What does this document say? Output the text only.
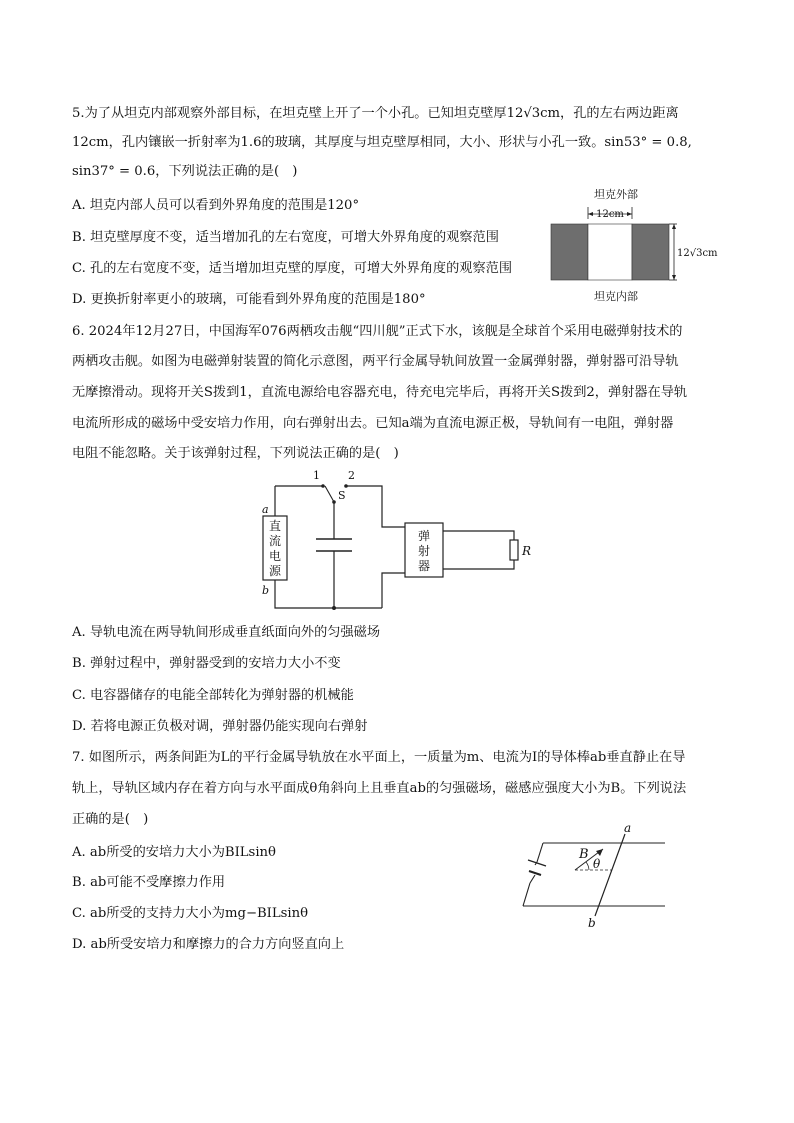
5.为了从坦克内部观察外部目标，在坦克壁上开了一个小孔。已知坦克壁厚12√3cm，孔的左右两边距离
12cm，孔内镶嵌一折射率为1.6的玻璃，其厚度与坦克壁厚相同，大小、形状与小孔一致。sin53° = 0.8,
sin37° = 0.6，下列说法正确的是(　)
A. 坦克内部人员可以看到外界角度的范围是120°
B. 坦克壁厚度不变，适当增加孔的左右宽度，可增大外界角度的观察范围
C. 孔的左右宽度不变，适当增加坦克壁的厚度，可增大外界角度的观察范围
D. 更换折射率更小的玻璃，可能看到外界角度的范围是180°
坦克外部
12cm
12√3cm
坦克内部
6. 2024年12月27日，中国海军076两栖攻击舰“四川舰”正式下水，该舰是全球首个采用电磁弹射技术的
两栖攻击舰。如图为电磁弹射装置的简化示意图，两平行金属导轨间放置一金属弹射器，弹射器可沿导轨
无摩擦滑动。现将开关S拨到1，直流电源给电容器充电，待充电完毕后，再将开关S拨到2，弹射器在导轨
电流所形成的磁场中受安培力作用，向右弹射出去。已知a端为直流电源正极，导轨间有一电阻，弹射器
电阻不能忽略。关于该弹射过程，下列说法正确的是(　)
弹
射
器
R
直
流
电
源
1	2
S
a
b
A. 导轨电流在两导轨间形成垂直纸面向外的匀强磁场
B. 弹射过程中，弹射器受到的安培力大小不变
C. 电容器储存的电能全部转化为弹射器的机械能
D. 若将电源正负极对调，弹射器仍能实现向右弹射
7. 如图所示，两条间距为L的平行金属导轨放在水平面上，一质量为m、电流为I的导体棒ab垂直静止在导
轨上，导轨区域内存在着方向与水平面成θ角斜向上且垂直ab的匀强磁场，磁感应强度大小为B。下列说法
正确的是(　)
A. ab所受的安培力大小为BILsinθ
B. ab可能不受摩擦力作用
C. ab所受的支持力大小为mg−BILsinθ
D. ab所受安培力和摩擦力的合力方向竖直向上
B
θ
a
b
